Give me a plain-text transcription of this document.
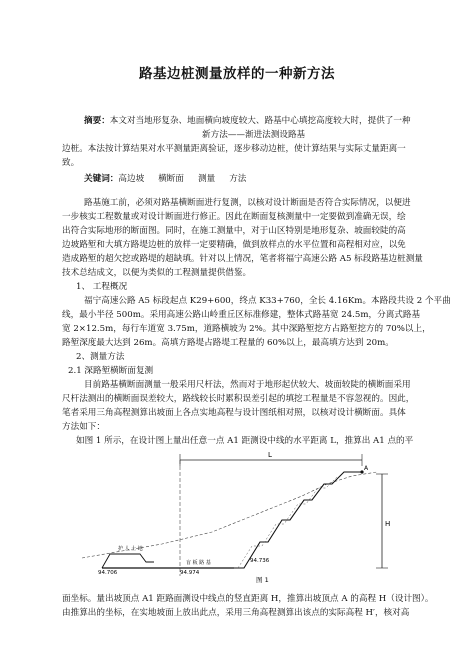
路基边桩测量放样的一种新方法
摘要：本文对当地形复杂、地面横向坡度较大、路基中心填挖高度较大时，提供了一种
新方法——渐进法测设路基
边桩。本法按计算结果对水平测量距离验证，逐步移动边桩，使计算结果与实际丈量距离一
致。
关键词：高边坡 横断面 测量 方法
路基施工前，必须对路基横断面进行复测，以核对设计断面是否符合实际情况，以便进
一步核实工程数量或对设计断面进行修正。因此在断面复核测量中一定要做到准确无误，绘
出符合实际地形的断面图。同时，在施工测量中，对于山区特别是地形复杂、坡面较陡的高
边坡路堑和大填方路堤边桩的放样一定要精确，做到放样点的水平位置和高程相对应，以免
造成路堑的超欠挖或路堤的超缺填。针对以上情况，笔者将福宁高速公路 A5 标段路基边桩测量
技术总结成文，以便为类似的工程测量提供借鉴。
1、 工程概况
福宁高速公路 A5 标段起点 K29+600，终点 K33+760，全长 4.16Km。本路段共设 2 个平曲
线，最小半径 500m。采用高速公路山岭重丘区标准修建，整体式路基宽 24.5m，分离式路基
宽 2×12.5m，每行车道宽 3.75m，道路横坡为 2%。其中深路堑挖方占路堑挖方的 70%以上，
路堑深度最大达到 26m。高填方路堤占路堤工程量的 60%以上，最高填方达到 20m。
2、测量方法
2.1 深路堑横断面复测
目前路基横断面测量一般采用尺杆法，然而对于地形起伏较大、坡面较陡的横断面采用
尺杆法测出的横断面误差较大，路线较长时累积误差引起的填挖工程量是不容忽视的。因此，
笔者采用三角高程测算出坡面上各点实地高程与设计图纸相对照，以核对设计横断面。具体
方法如下：
如图 1 所示，在设计图上量出任意一点 A1 距测设中线的水平距离 L，推算出 A1 点的平
L
H
A
护 人 土 地
盲 板 路 基
94.706	94.974
94.736
图 1
面坐标。量出坡顶点 A1 距路面测设中线点的竖直距离 H，推算出坡顶点 A 的高程 H（设计图）。
由推算出的坐标，在实地坡面上放出此点，采用三角高程测算出该点的实际高程 H′，核对高
